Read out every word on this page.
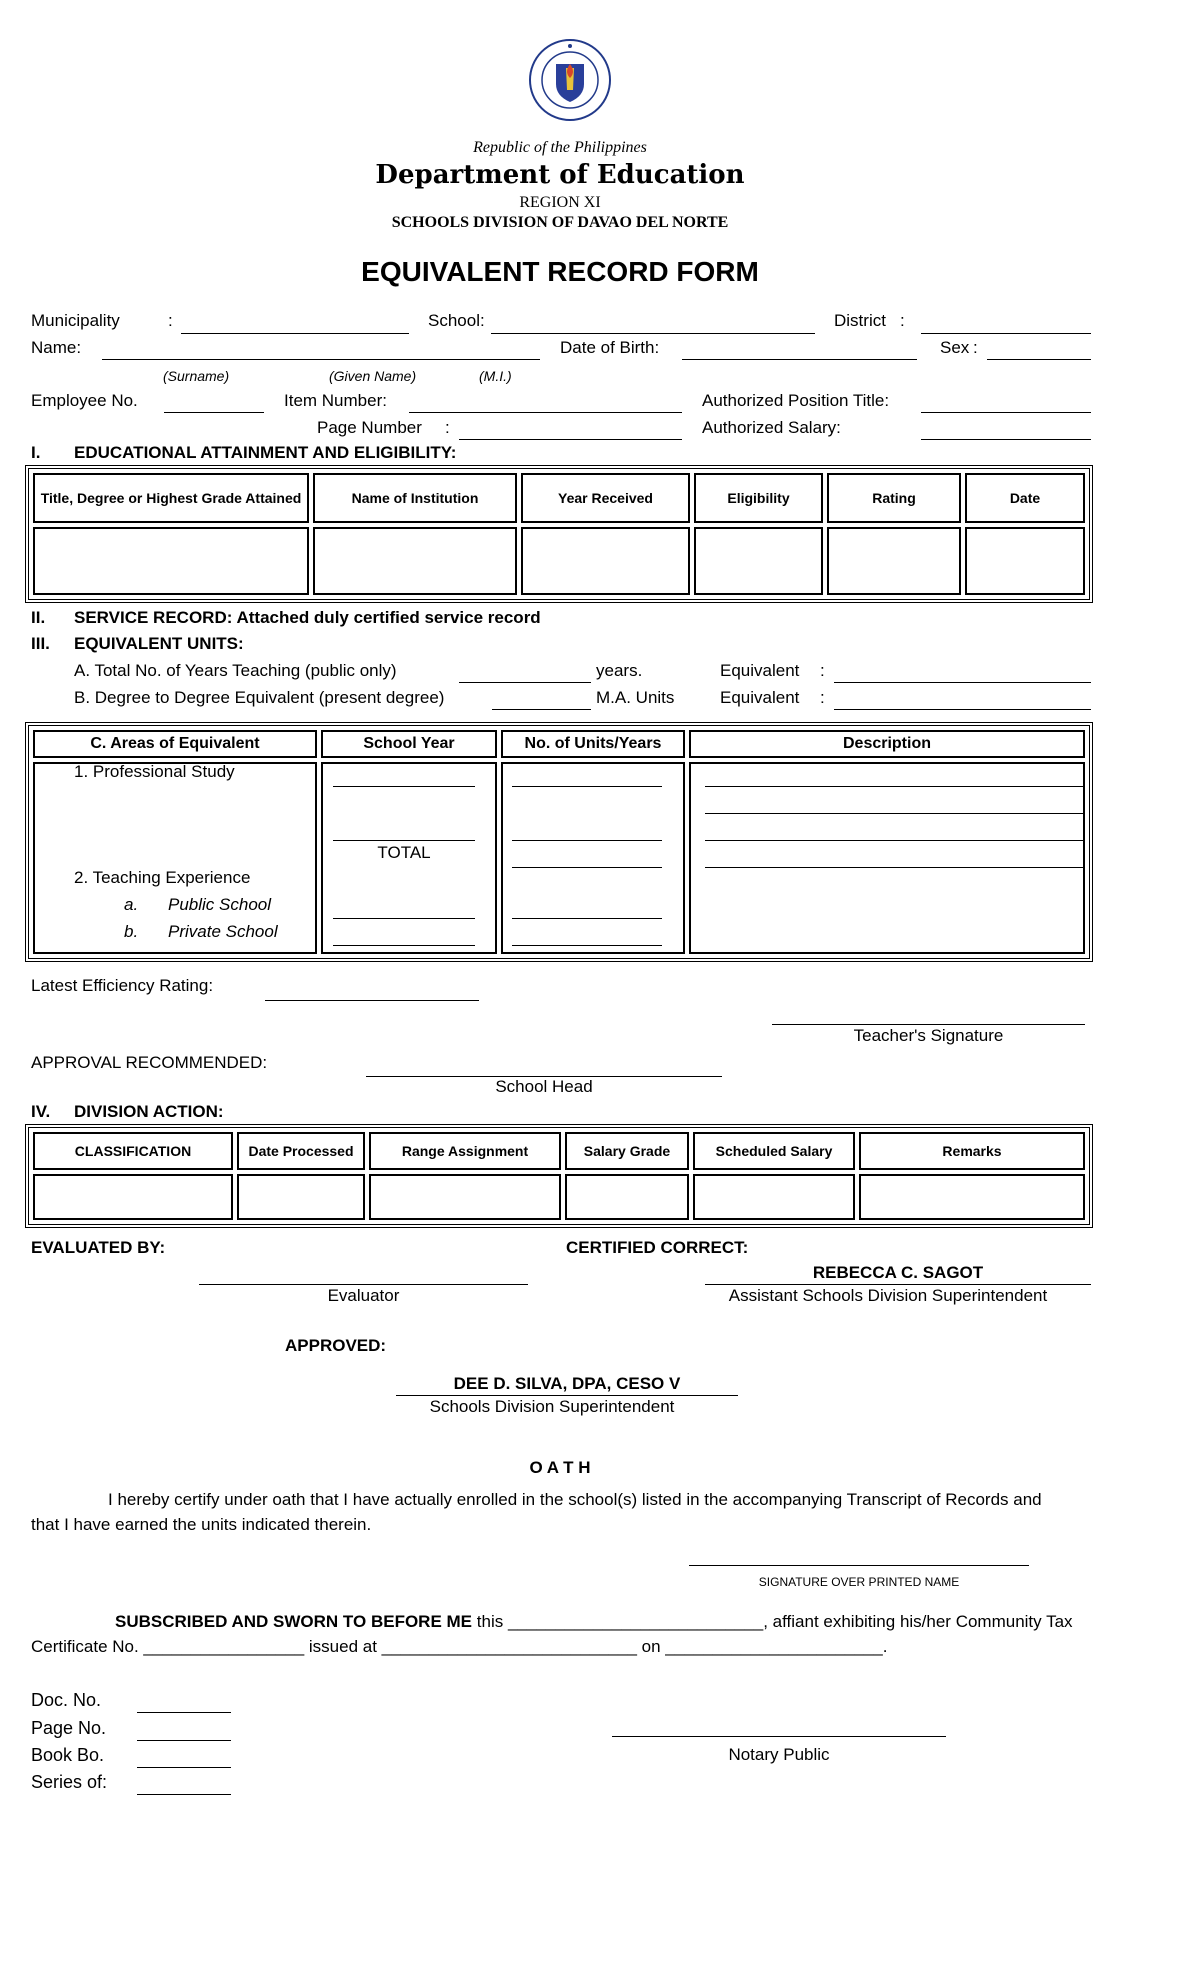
Republic of the Philippines
Department of Education
REGION XI
SCHOOLS DIVISION OF DAVAO DEL NORTE
EQUIVALENT RECORD FORM
Municipality	:	School:	District :
Name:	Date of Birth:	Sex :
(Surname)	(Given Name)	(M.I.)
Employee No.	Item Number:	Authorized Position Title:
Page Number :	Authorized Salary:
I. EDUCATIONAL ATTAINMENT AND ELIGIBILITY:
Title, Degree or Highest Grade Attained	Name of Institution	Year Received	Eligibility	Rating	Date

II. SERVICE RECORD: Attached duly certified service record
III. EQUIVALENT UNITS:
A. Total No. of Years Teaching (public only)	years.	Equivalent :
B. Degree to Degree Equivalent (present degree)	M.A. Units	Equivalent :
C. Areas of Equivalent	School Year	No. of Units/Years	Description

1. Professional Study
2. Teaching Experience
a. Public School
b. Private School
TOTAL
Latest Efficiency Rating:
Teacher's Signature
APPROVAL RECOMMENDED:
School Head
IV. DIVISION ACTION:
CLASSIFICATION	Date Processed	Range Assignment	Salary Grade	Scheduled Salary	Remarks

EVALUATED BY:	CERTIFIED CORRECT:
Evaluator
REBECCA C. SAGOT
Assistant Schools Division Superintendent
APPROVED:
DEE D. SILVA, DPA, CESO V
Schools Division Superintendent
O A T H
I hereby certify under oath that I have actually enrolled in the school(s) listed in the accompanying Transcript of Records and
that I have earned the units indicated therein.
SIGNATURE OVER PRINTED NAME
SUBSCRIBED AND SWORN TO BEFORE ME this ___________________________, affiant exhibiting his/her Community Tax
Certificate No. _________________ issued at ___________________________ on _______________________.
Doc. No.
Page No.
Book Bo.
Series of:
Notary Public
